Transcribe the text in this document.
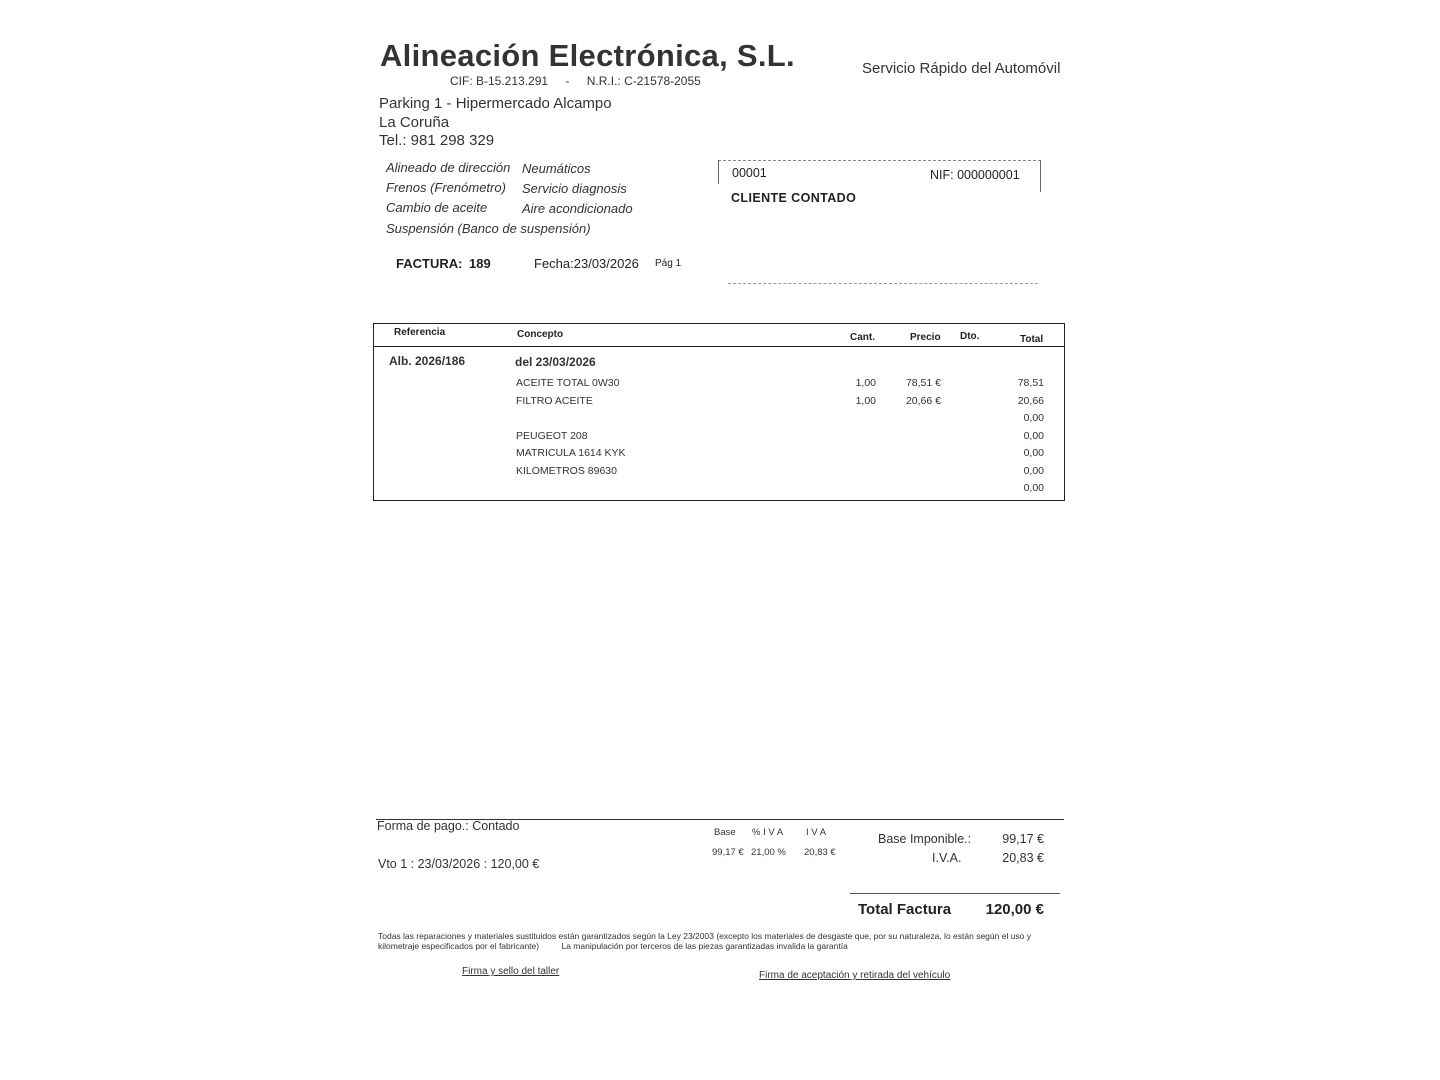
Alineación Electrónica, S.L.	Servicio Rápido del Automóvil
CIF: B-15.213.291 - N.R.I.: C-21578-2055
Parking 1 - Hipermercado Alcampo
La Coruña
Tel.: 981 298 329
Alineado de dirección
Frenos (Frenómetro)
Cambio de aceite
Neumáticos
Servicio diagnosis
Aire acondicionado
Suspensión (Banco de suspensión)
00001	NIF: 000000001
CLIENTE CONTADO
FACTURA: 189	Fecha:23/03/2026 Pág 1
Referencia	Concepto	Cant.	Precio Dto.	Total
Alb. 2026/186	del 23/03/2026
ACEITE TOTAL 0W30	1,00	78,51 €	78,51
FILTRO ACEITE	1,00	20,66 €	20,66
0,00
PEUGEOT 208	0,00
MATRICULA 1614 KYK	0,00
KILOMETROS 89630	0,00
0,00
Forma de pago.: Contado
Vto 1 : 23/03/2026 : 120,00 €
Base % I V A I V A
99,17 € 21,00 % 20,83 €
Base Imponible.: 99,17 €
I.V.A.	20,83 €
Total Factura 120,00 €
Todas las reparaciones y materiales sustituidos están garantizados según la Ley 23/2003 (excepto los materiales de desgaste que, por su naturaleza, lo están según el uso y kilometraje especificados por el fabricante)	La manipulación por terceros de las piezas garantizadas invalida la garantía
Firma y sello del taller	Firma de aceptación y retirada del vehículo
